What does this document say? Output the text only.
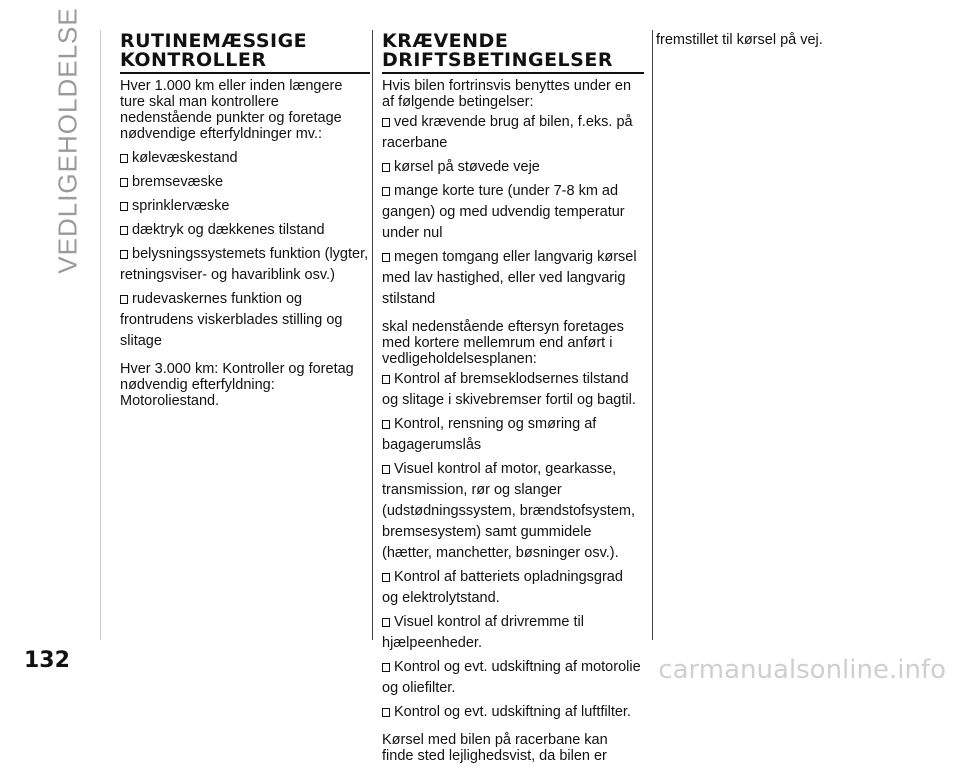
VEDLIGEHOLDELSE RUTINEMÆSSIGE KONTROLLER

Hver 1.000 km eller inden længere ture skal man kontrollere nedenstående punkter og foretage nødvendige efterfyldninger mv.:

kølevæskestand
bremsevæske
sprinklervæske
dæktryk og dækkenes tilstand
belysningssystemets funktion (lygter, retningsviser- og havariblink osv.)
rudevaskernes funktion og frontrudens viskerblades stilling og slitage

Hver 3.000 km: Kontroller og foretag nødvendig efterfyldning: Motoroliestand.

KRÆVENDE DRIFTSBETINGELSER

Hvis bilen fortrinsvis benyttes under en af følgende betingelser:

ved krævende brug af bilen, f.eks. på racerbane
kørsel på støvede veje
mange korte ture (under 7-8 km ad gangen) og med udvendig temperatur under nul
megen tomgang eller langvarig kørsel med lav hastighed, eller ved langvarig stilstand

skal nedenstående eftersyn foretages med kortere mellemrum end anført i vedligeholdelsesplanen:

Kontrol af bremseklodsernes tilstand og slitage i skivebremser fortil og bagtil.
Kontrol, rensning og smøring af bagagerumslås
Visuel kontrol af motor, gearkasse, transmission, rør og slanger (udstødningssystem, brændstofsystem, bremsesystem) samt gummidele (hætter, manchetter, bøsninger osv.).
Kontrol af batteriets opladningsgrad og elektrolytstand.
Visuel kontrol af drivremme til hjælpeenheder.
Kontrol og evt. udskiftning af motorolie og oliefilter.
Kontrol og evt. udskiftning af luftfilter.

Kørsel med bilen på racerbane kan finde sted lejlighedsvist, da bilen er

fremstillet til kørsel på vej.

132	carmanualsonline.info
